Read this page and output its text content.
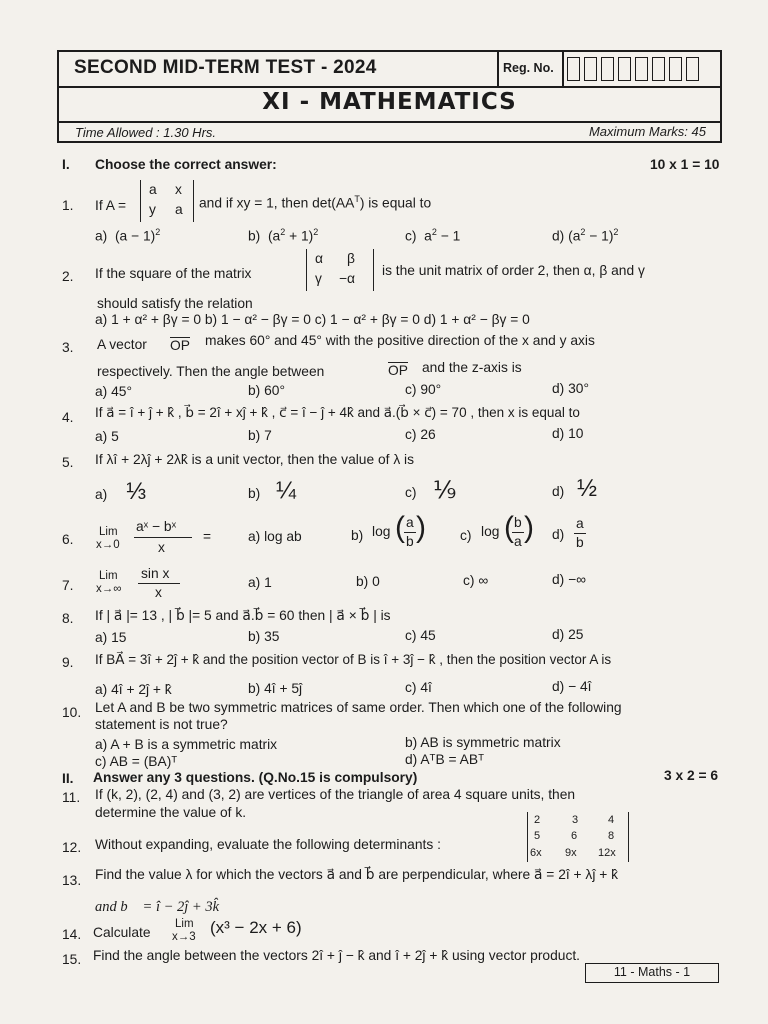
SECOND MID-TERM TEST - 2024	Reg. No.
XI - MATHEMATICS
Time Allowed : 1.30 Hrs.	Maximum Marks: 45
I. Choose the correct answer:	10 x 1 = 10
1. If A =
a x
y a and if xy = 1, then $\det(AA^T)$ is equal to
a) $(a - 1)^2$	b) $(a^2 + 1)^2$	c) $a^2 - 1$	d) $(a^2 - 1)^2$
2. If the square of the matrix
α β
γ −α
is the unit matrix of order 2, then α, β and γ
should satisfy the relation
a) 1 + α² + βγ = 0 b) 1 − α² − βγ = 0 c) 1 − α² + βγ = 0 d) 1 + α² − βγ = 0
3. A vector OP makes 60° and 45° with the positive direction of the x and y axis
respectively. Then the angle between	OP and the z-axis is
a) 45°	b) 60°	c) 90°	d) 30°
4. If a⃗ = î + ĵ + k̂ , b⃗ = 2î + xĵ + k̂ , c⃗ = î − ĵ + 4k̂ and a⃗.(b⃗ × c⃗) = 70 , then x is equal to
a) 5	b) 7	c) 26	d) 10
5. If λî + 2λĵ + 2λk̂ is a unit vector, then the value of λ is
a) ⅓	b) ¼	c) ⅑	d) ½
6. Lim
x→0
aˣ − bˣ
x
=	a) log ab	b) log ( a
b ) c) log ( b
a ) d)
a
b
7.
Lim
x→∞
sin x
x
a) 1	b) 0	c) ∞	d) −∞
8. If | a⃗ |= 13 , | b⃗ |= 5 and a⃗.b⃗ = 60 then | a⃗ × b⃗ | is
a) 15	b) 35	c) 45	d) 25
9. If BA⃗ = 3î + 2ĵ + k̂ and the position vector of B is î + 3ĵ − k̂ , then the position vector A is
a) 4î + 2ĵ + k̂	b) 4î + 5ĵ	c) 4î	d) − 4î
10. Let A and B be two symmetric matrices of same order. Then which one of the following
statement is not true?
a) A + B is a symmetric matrix	b) AB is symmetric matrix
c) AB = (BA)ᵀ	d) AᵀB = ABᵀ
II. Answer any 3 questions. (Q.No.15 is compulsory)	3 x 2 = 6
11. If (k, 2), (2, 4) and (3, 2) are vertices of the triangle of area 4 square units, then
determine the value of k.
12. Without expanding, evaluate the following determinants :
2	3	4
5	6	8
6x 9x 12x
13. Find the value λ for which the vectors a⃗ and b⃗ are perpendicular, where a⃗ = 2î + λĵ + k̂
and b⃗ = î − 2ĵ + 3k̂
14. Calculate
Lim
x→3 (x³ − 2x + 6)
15. Find the angle between the vectors 2î + ĵ − k̂ and î + 2ĵ + k̂ using vector product.
11 - Maths - 1
